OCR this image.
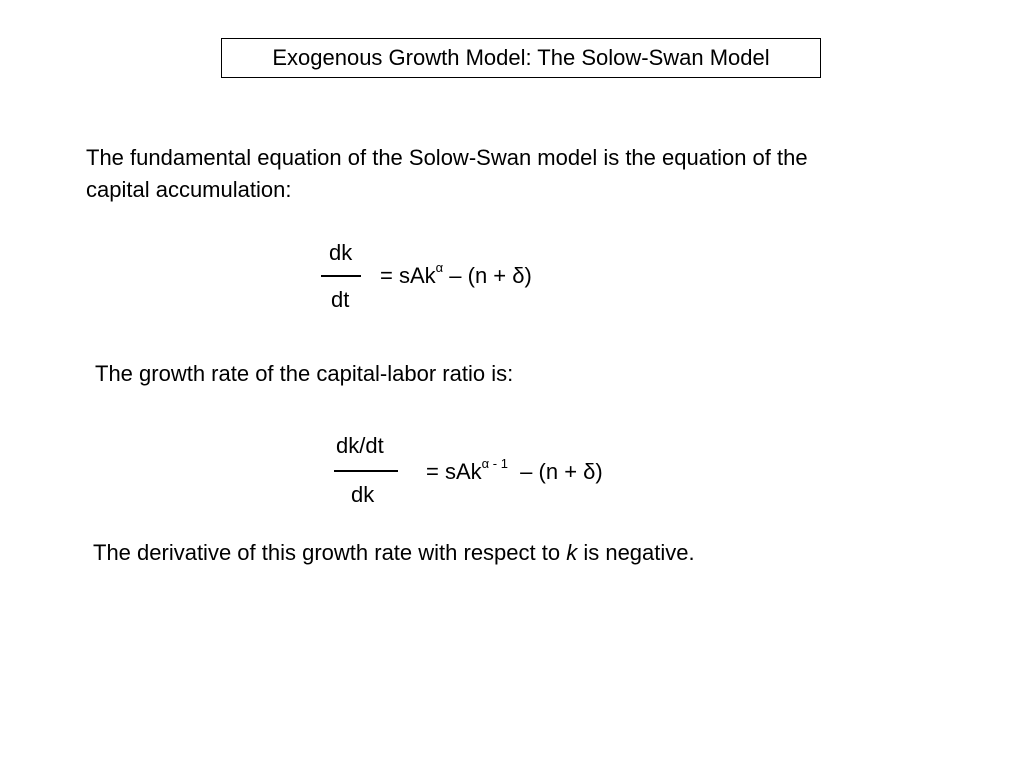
Exogenous Growth Model: The Solow-Swan Model
The fundamental equation of the Solow-Swan model is the equation of the
capital accumulation:
dk
dt
= sAk$^\alpha$ – (n + δ)
The growth rate of the capital-labor ratio is:
dk/dt
dk
= sAk$^{\alpha - 1}$  – (n + δ)
The derivative of this growth rate with respect to k is negative.
